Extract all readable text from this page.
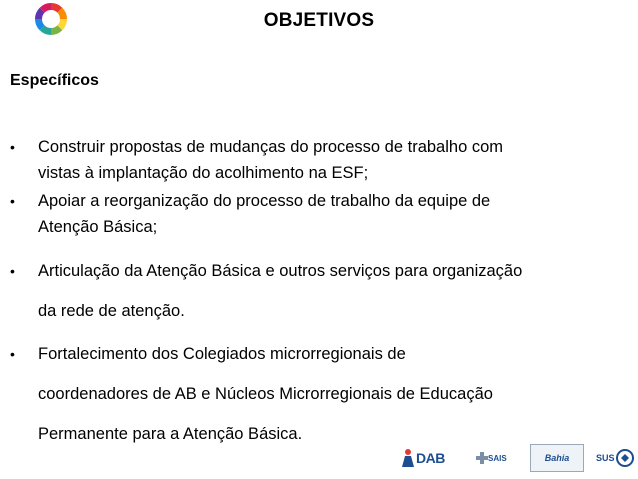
OBJETIVOS
Específicos
•	Construir propostas de mudanças do processo de trabalho com
vistas à implantação do acolhimento na ESF;
•	Apoiar a reorganização do processo de trabalho da equipe de
Atenção Básica;
•	Articulação da Atenção Básica e outros serviços para organização
da rede de atenção.
•	Fortalecimento dos Colegiados microrregionais de
coordenadores de AB e Núcleos Microrregionais de Educação
Permanente para a Atenção Básica.
DAB	SAIS	Bahia	SUS
